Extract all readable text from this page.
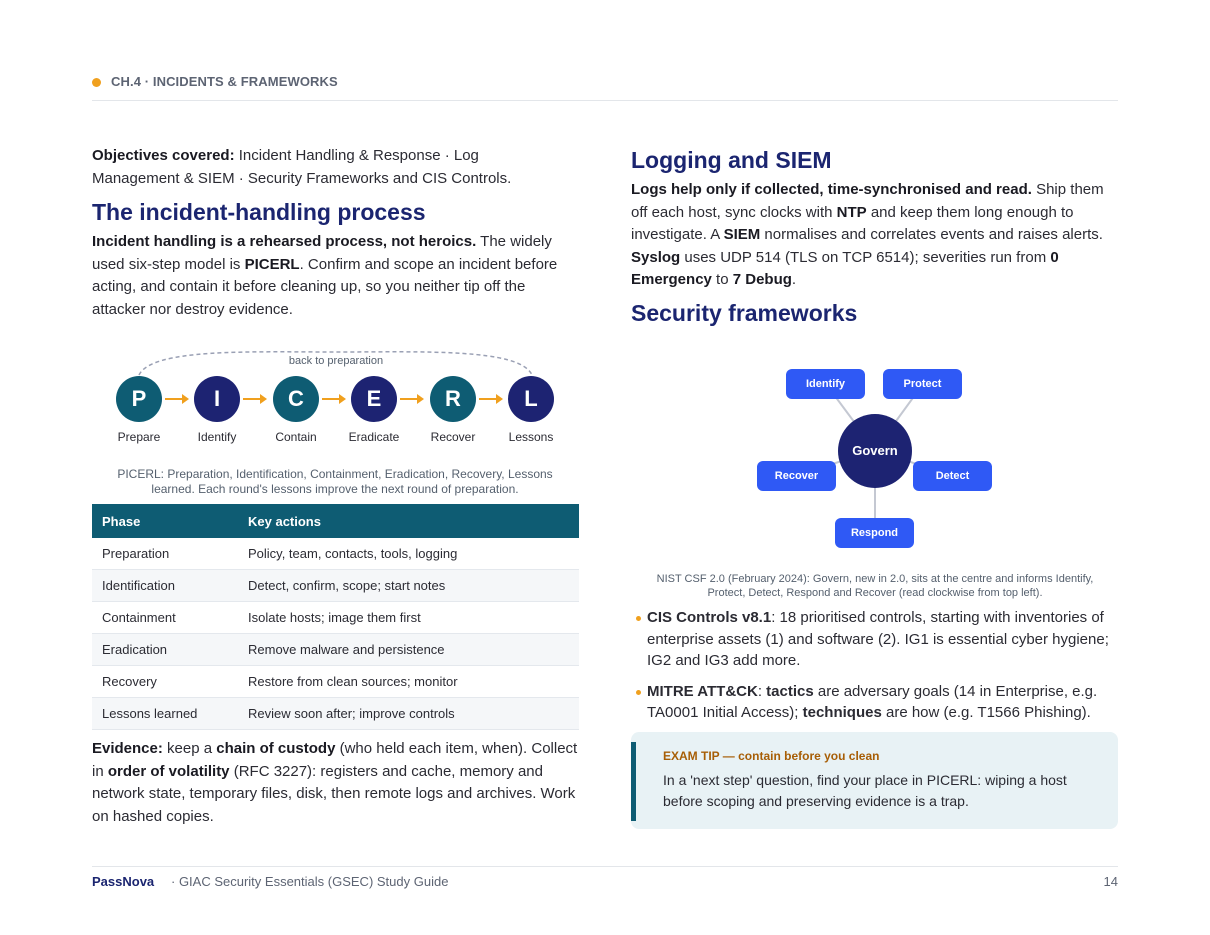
CH.4 · INCIDENTS & FRAMEWORKS
Objectives covered: Incident Handling & Response · Log Management & SIEM · Security Frameworks and CIS Controls.
The incident-handling process
Incident handling is a rehearsed process, not heroics. The widely used six-step model is PICERL. Confirm and scope an incident before acting, and contain it before cleaning up, so you neither tip off the attacker nor destroy evidence.
back to preparation
P	I	C	E	R	L
Prepare	Identify	Contain	Eradicate	Recover	Lessons
PICERL: Preparation, Identification, Containment, Eradication, Recovery, Lessons learned. Each round's lessons improve the next round of preparation.
Phase	Key actions
Preparation	Policy, team, contacts, tools, logging
Identification	Detect, confirm, scope; start notes
Containment	Isolate hosts; image them first
Eradication	Remove malware and persistence
Recovery	Restore from clean sources; monitor
Lessons learned	Review soon after; improve controls
Evidence: keep a chain of custody (who held each item, when). Collect in order of volatility (RFC 3227): registers and cache, memory and network state, temporary files, disk, then remote logs and archives. Work on hashed copies.
Logging and SIEM
Logs help only if collected, time-synchronised and read. Ship them off each host, sync clocks with NTP and keep them long enough to investigate. A SIEM normalises and correlates events and raises alerts. Syslog uses UDP 514 (TLS on TCP 6514); severities run from 0 Emergency to 7 Debug.
Security frameworks
Identify	Protect
Recover	Detect
Respond
Govern
NIST CSF 2.0 (February 2024): Govern, new in 2.0, sits at the centre and informs Identify, Protect, Detect, Respond and Recover (read clockwise from top left).
CIS Controls v8.1: 18 prioritised controls, starting with inventories of enterprise assets (1) and software (2). IG1 is essential cyber hygiene; IG2 and IG3 add more.
MITRE ATT&CK: tactics are adversary goals (14 in Enterprise, e.g. TA0001 Initial Access); techniques are how (e.g. T1566 Phishing).
EXAM TIP — contain before you clean
In a 'next step' question, find your place in PICERL: wiping a host before scoping and preserving evidence is a trap.
PassNova · GIAC Security Essentials (GSEC) Study Guide	14
